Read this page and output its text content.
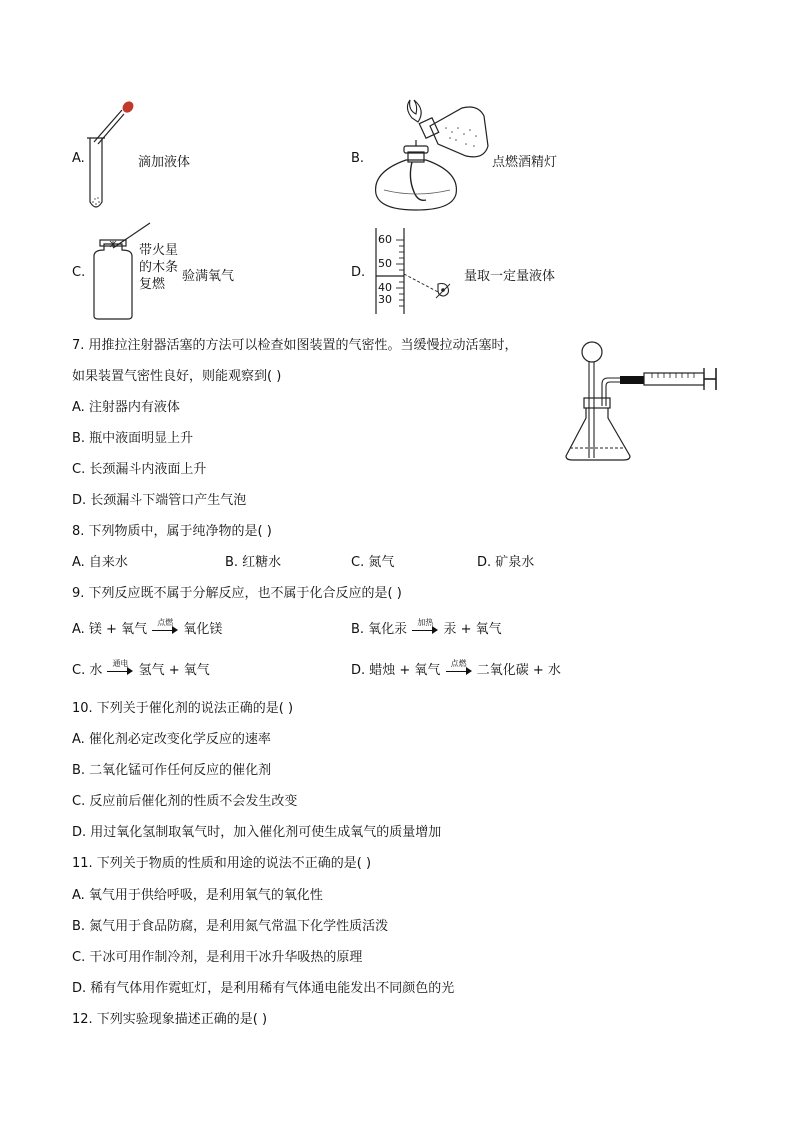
A.	滴加液体	B.	点燃酒精灯
C.
带火星
的木条
复燃
验满氧气	D.
60
50
40
30
量取一定量液体
7. 用推拉注射器活塞的方法可以检查如图装置的气密性。当缓慢拉动活塞时，
如果装置气密性良好，则能观察到( )
A. 注射器内有液体
B. 瓶中液面明显上升
C. 长颈漏斗内液面上升
D. 长颈漏斗下端管口产生气泡
8. 下列物质中，属于纯净物的是( )
A. 自来水	B. 红糖水	C. 氮气	D. 矿泉水
9. 下列反应既不属于分解反应，也不属于化合反应的是( )
A. 镁 + 氧气	点燃 氧化镁	B. 氧化汞	加热 汞 + 氧气
C. 水	通电 氢气 + 氧气	D. 蜡烛 + 氧气	点燃 二氧化碳 + 水
10. 下列关于催化剂的说法正确的是( )
A. 催化剂必定改变化学反应的速率
B. 二氧化锰可作任何反应的催化剂
C. 反应前后催化剂的性质不会发生改变
D. 用过氧化氢制取氧气时，加入催化剂可使生成氧气的质量增加
11. 下列关于物质的性质和用途的说法不正确的是( )
A. 氧气用于供给呼吸，是利用氧气的氧化性
B. 氮气用于食品防腐，是利用氮气常温下化学性质活泼
C. 干冰可用作制冷剂，是利用干冰升华吸热的原理
D. 稀有气体用作霓虹灯，是利用稀有气体通电能发出不同颜色的光
12. 下列实验现象描述正确的是( )
